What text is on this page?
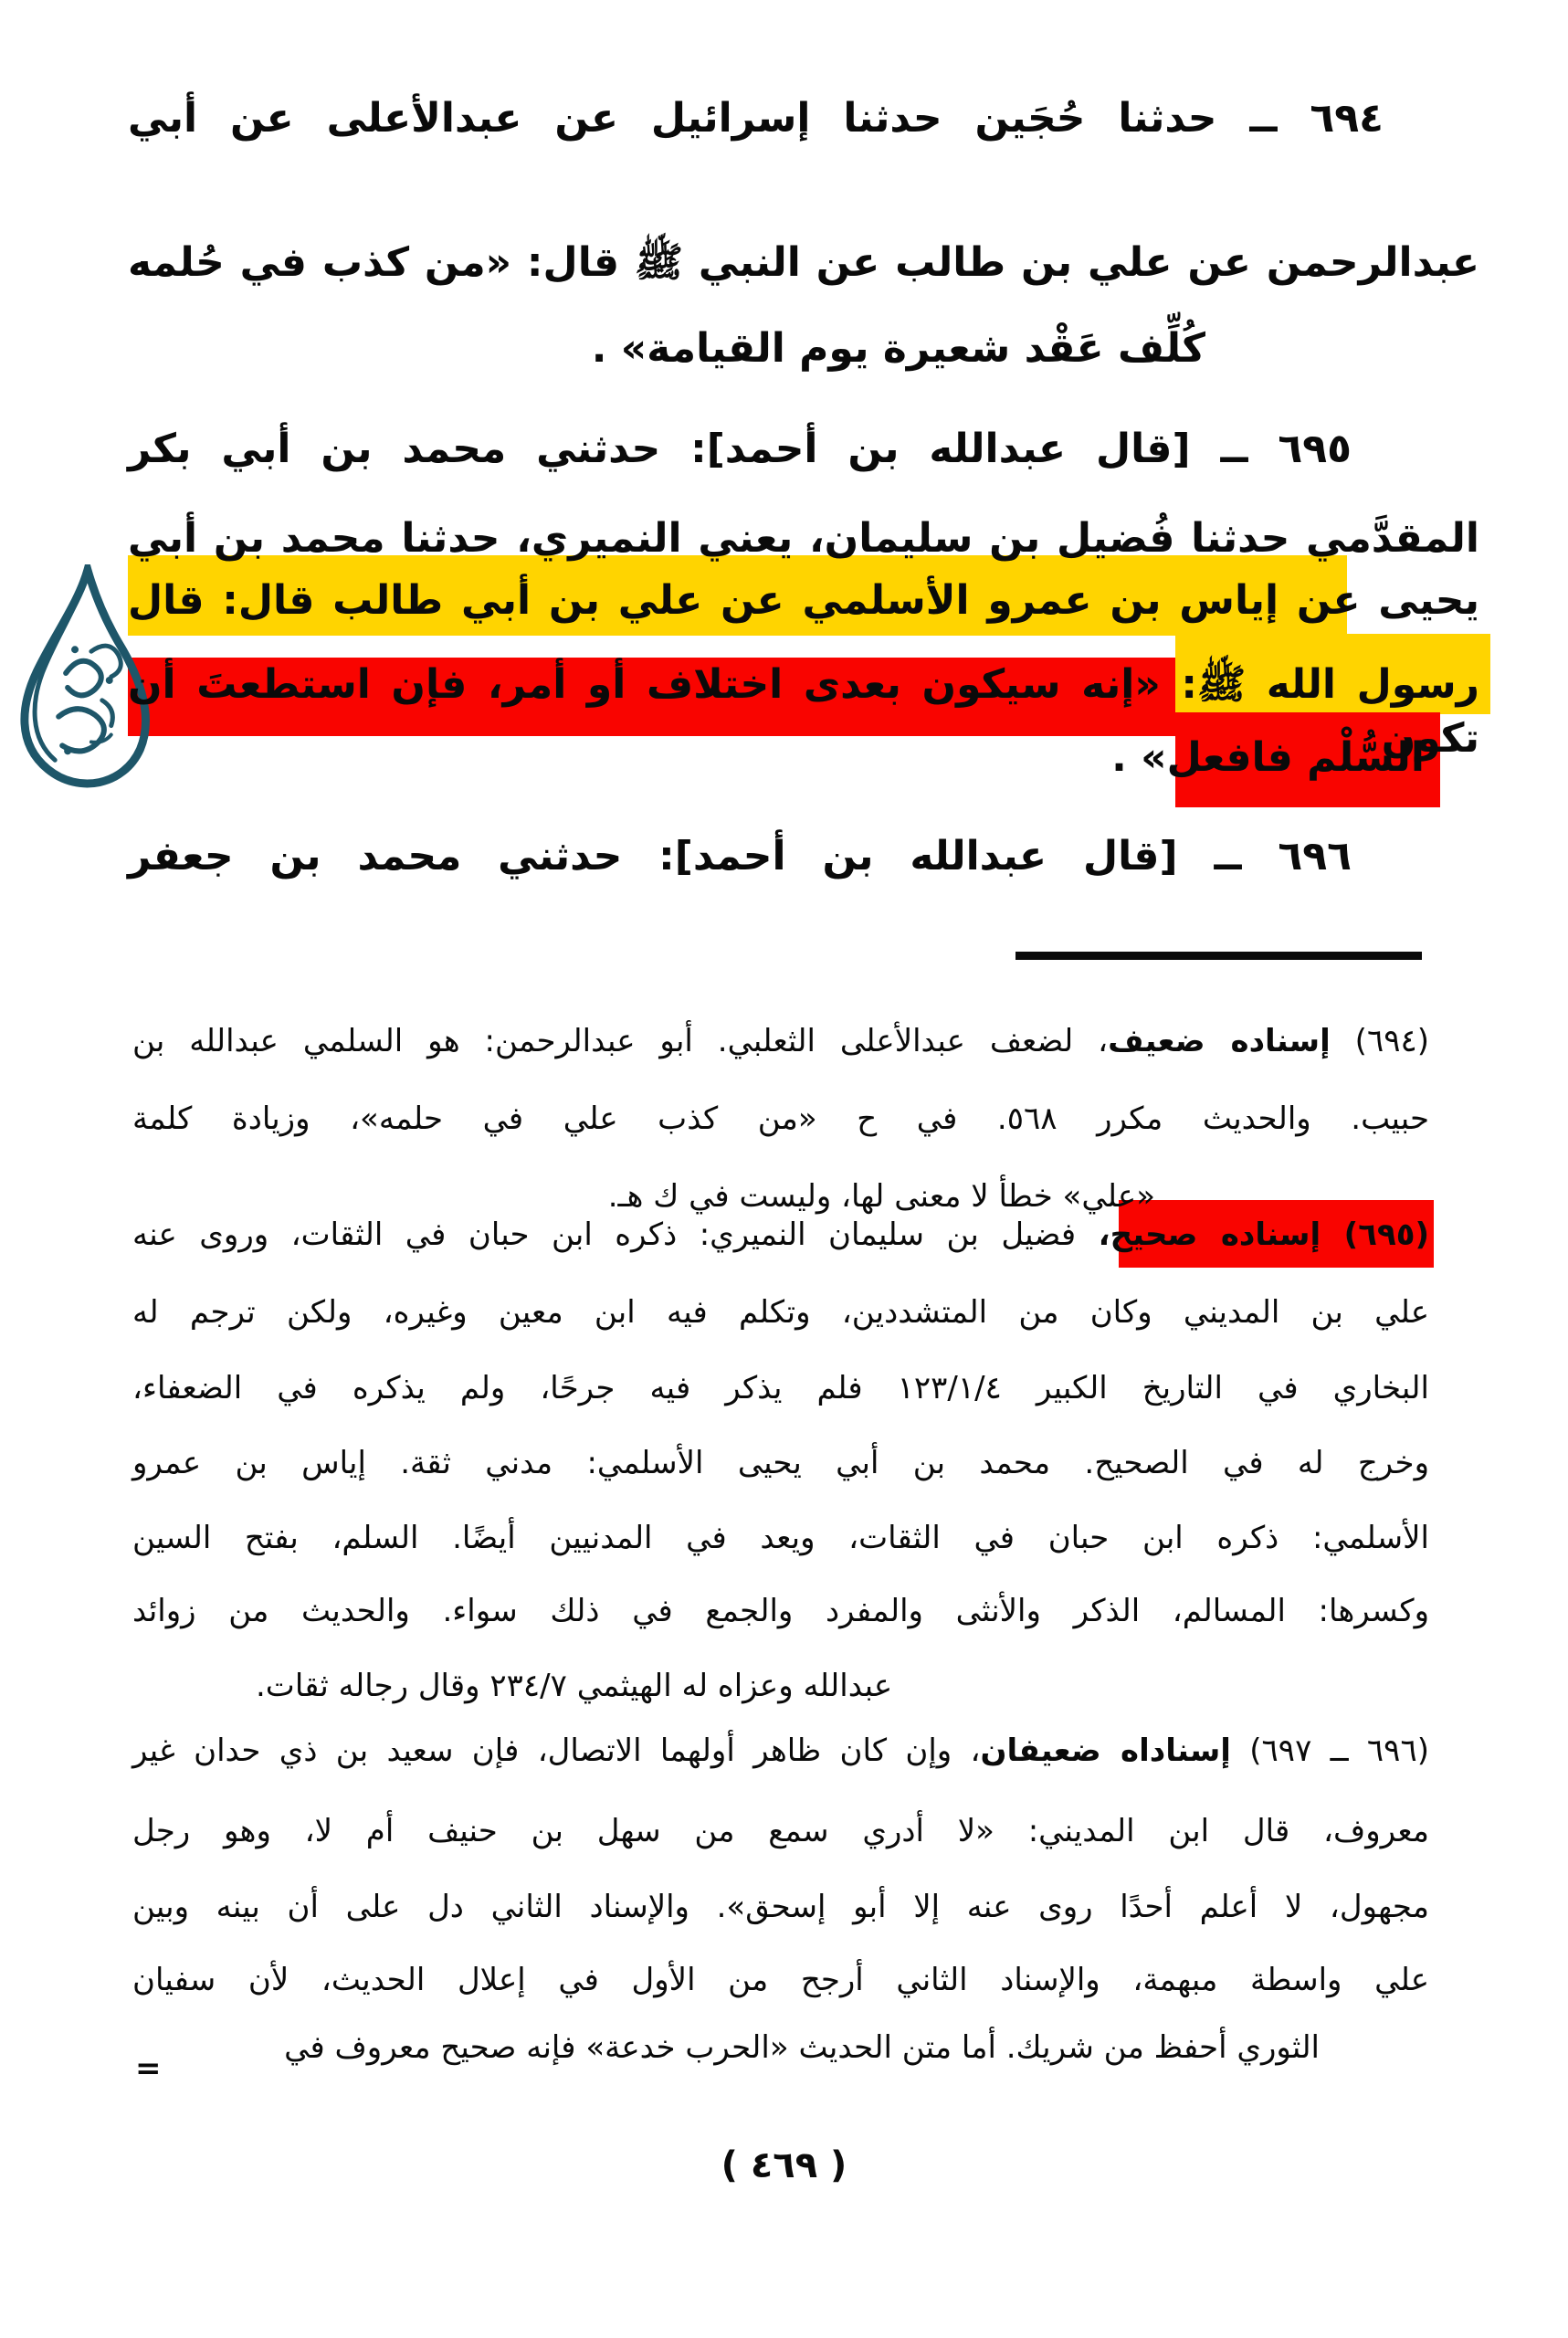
٦٩٤ ــ حدثنا حُجَين حدثنا إسرائيل عن عبدالأعلى عن أبي
عبدالرحمن عن علي بن طالب عن النبي ﷺ قال: «من كذب في حُلمه
كُلِّف عَقْد شعيرة يوم القيامة» .
٦٩٥ ــ [قال عبدالله بن أحمد]: حدثني محمد بن أبي بكر
المقدَّمي حدثنا فُضيل بن سليمان، يعني النميري، حدثنا محمد بن أبي
يحيى عن إياس بن عمرو الأسلمي عن علي بن أبي طالب قال: قال
رسول الله ﷺ: «إنه سيكون بعدى اختلاف أو أمر، فإن استطعتَ أن تكون
السُّلْم فافعل» .
٦٩٦ ــ [قال عبدالله بن أحمد]: حدثني محمد بن جعفر
(٦٩٤) إسناده ضعيف، لضعف عبدالأعلى الثعلبي. أبو عبدالرحمن: هو السلمي عبدالله بن
حبيب. والحديث مكرر ٥٦٨. في ح «من كذب علي في حلمه»، وزيادة كلمة
«علي» خطأ لا معنى لها، وليست في ك هـ.
(٦٩٥) إسناده صحيح، فضيل بن سليمان النميري: ذكره ابن حبان في الثقات، وروى عنه
علي بن المديني وكان من المتشددين، وتكلم فيه ابن معين وغيره، ولكن ترجم له
البخاري في التاريخ الكبير ١٢٣/١/٤ فلم يذكر فيه جرحًا، ولم يذكره في الضعفاء،
وخرج له في الصحيح. محمد بن أبي يحيى الأسلمي: مدني ثقة. إياس بن عمرو
الأسلمي: ذكره ابن حبان في الثقات، ويعد في المدنيين أيضًا. السلم، بفتح السين
وكسرها: المسالم، الذكر والأنثى والمفرد والجمع في ذلك سواء. والحديث من زوائد
عبدالله وعزاه له الهيثمي ٢٣٤/٧ وقال رجاله ثقات.
(٦٩٦ ــ ٦٩٧) إسناداه ضعيفان، وإن كان ظاهر أولهما الاتصال، فإن سعيد بن ذي حدان غير
معروف، قال ابن المديني: «لا أدري سمع من سهل بن حنيف أم لا، وهو رجل
مجهول، لا أعلم أحدًا روى عنه إلا أبو إسحق». والإسناد الثاني دل على أن بينه وبين
علي واسطة مبهمة، والإسناد الثاني أرجح من الأول في إعلال الحديث، لأن سفيان
الثوري أحفظ من شريك. أما متن الحديث «الحرب خدعة» فإنه صحيح معروف في
=
( ٤٦٩ )
